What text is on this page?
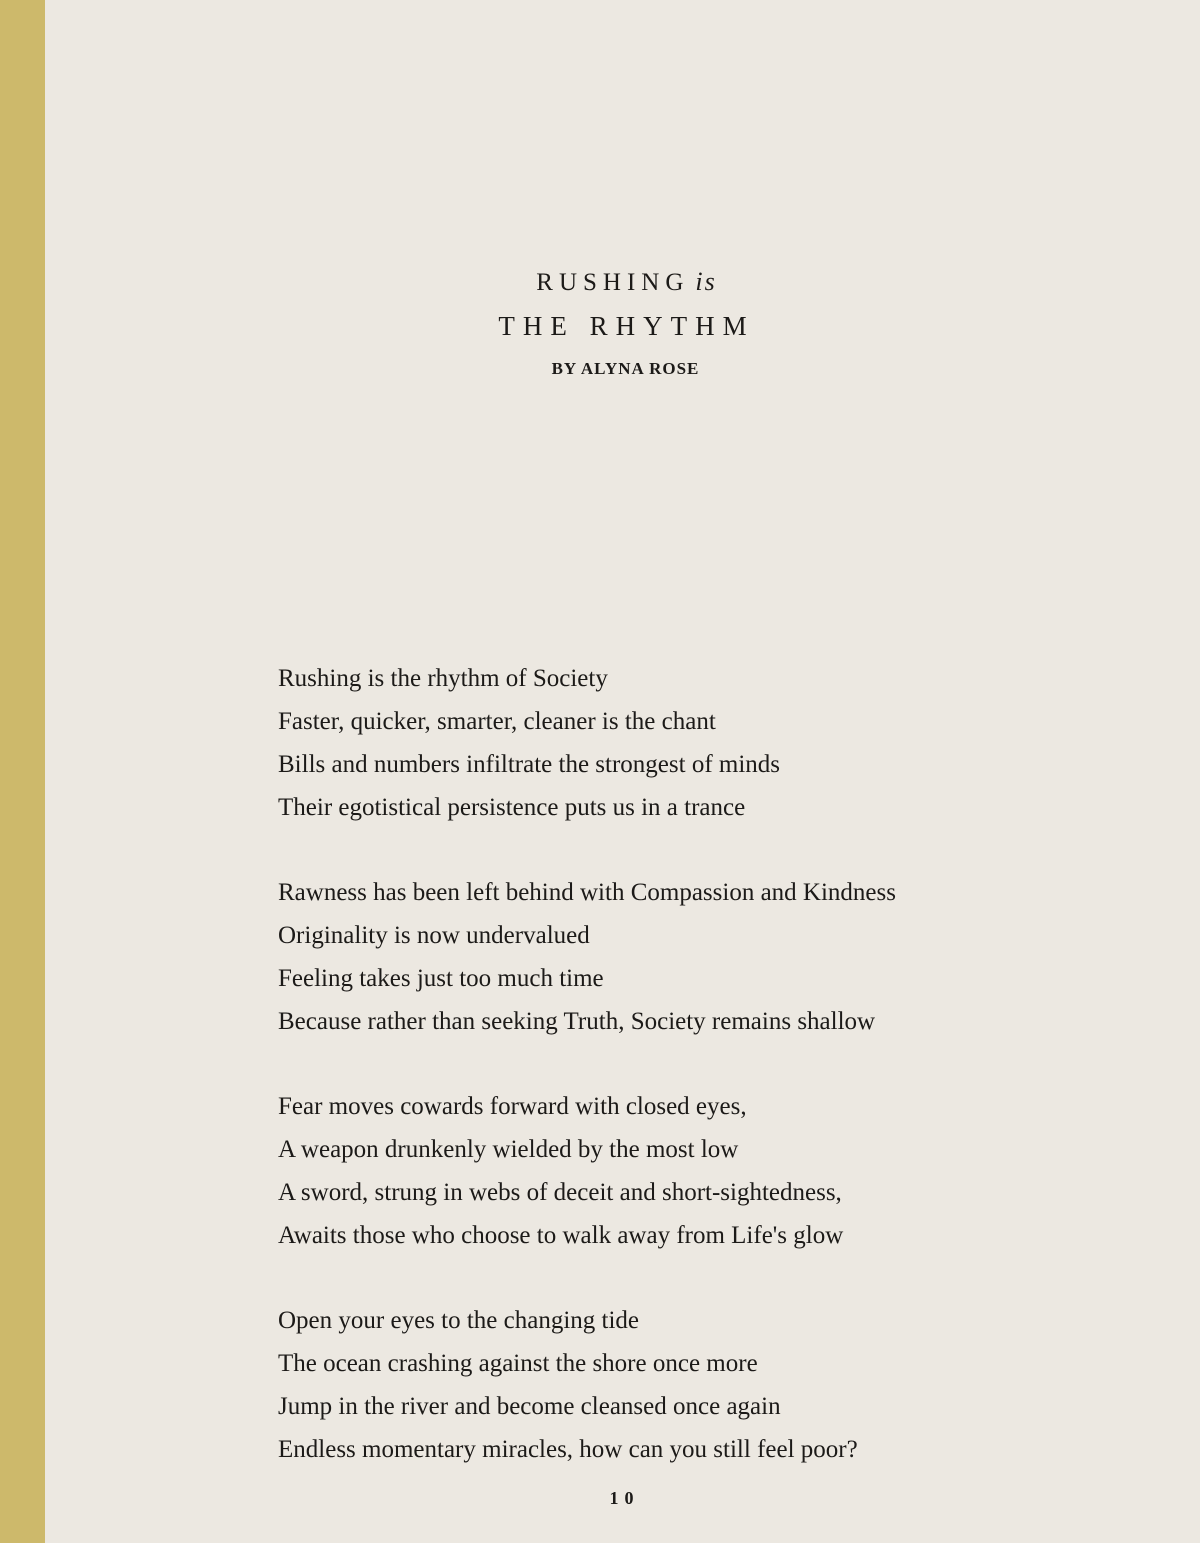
RUSHING is
THE RHYTHM
BY ALYNA ROSE
Rushing is the rhythm of Society
Faster, quicker, smarter, cleaner is the chant
Bills and numbers infiltrate the strongest of minds
Their egotistical persistence puts us in a trance
Rawness has been left behind with Compassion and Kindness
Originality is now undervalued
Feeling takes just too much time
Because rather than seeking Truth, Society remains shallow
Fear moves cowards forward with closed eyes,
A weapon drunkenly wielded by the most low
A sword, strung in webs of deceit and short-sightedness,
Awaits those who choose to walk away from Life's glow
Open your eyes to the changing tide
The ocean crashing against the shore once more
Jump in the river and become cleansed once again
Endless momentary miracles, how can you still feel poor?
10
